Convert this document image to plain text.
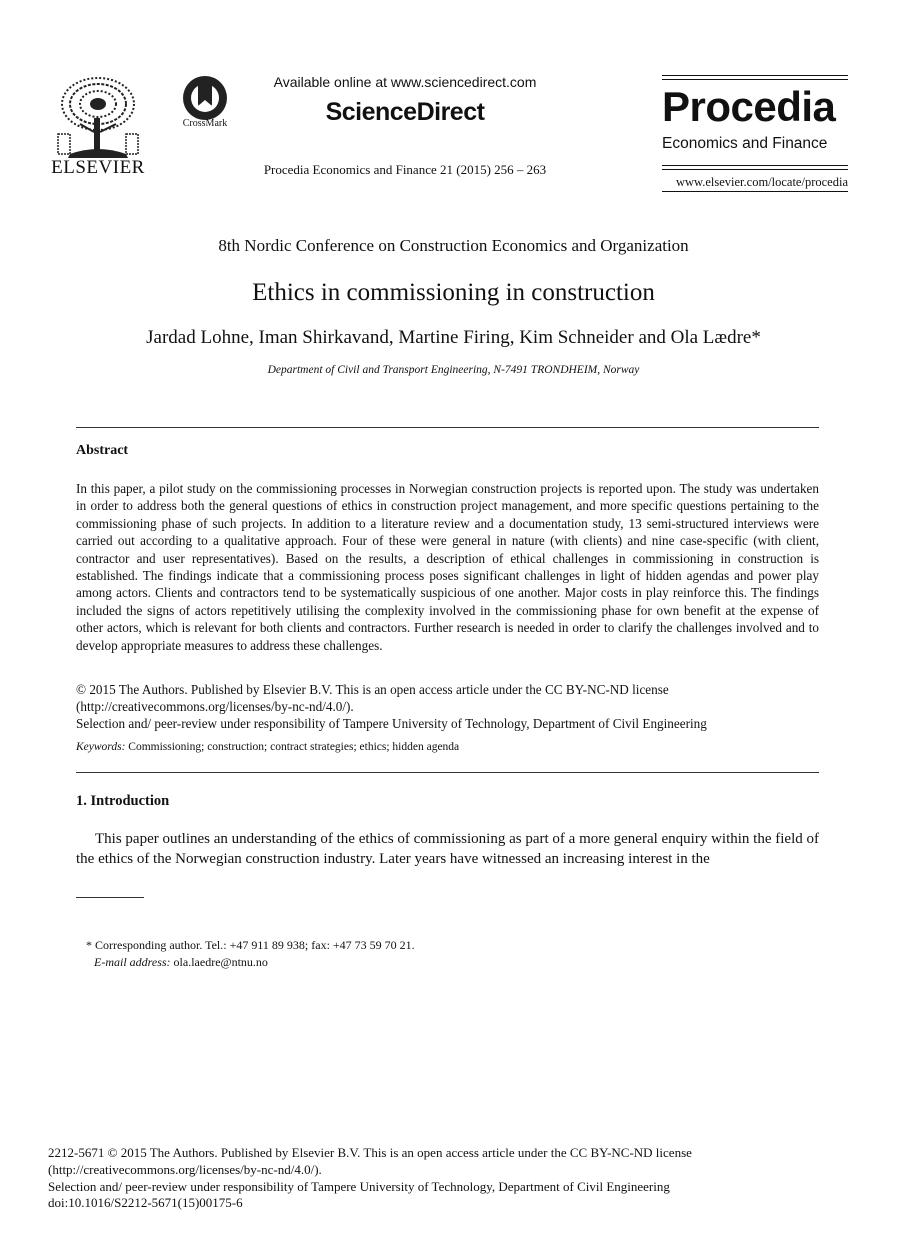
ELSEVIER
CrossMark
Available online at www.sciencedirect.com
ScienceDirect
Procedia Economics and Finance 21 (2015) 256 – 263
Procedia
Economics and Finance
www.elsevier.com/locate/procedia
8th Nordic Conference on Construction Economics and Organization
Ethics in commissioning in construction
Jardad Lohne, Iman Shirkavand, Martine Firing, Kim Schneider and Ola Lædre*
Department of Civil and Transport Engineering, N-7491 TRONDHEIM, Norway
Abstract
In this paper, a pilot study on the commissioning processes in Norwegian construction projects is reported upon. The study was undertaken in order to address both the general questions of ethics in construction project management, and more specific questions pertaining to the commissioning phase of such projects. In addition to a literature review and a documentation study, 13 semi-structured interviews were carried out according to a qualitative approach. Four of these were general in nature (with clients) and nine case-specific (with client, contractor and user representatives). Based on the results, a description of ethical challenges in commissioning in construction is established. The findings indicate that a commissioning process poses significant challenges in light of hidden agendas and power play among actors. Clients and contractors tend to be systematically suspicious of one another. Major costs in play reinforce this. The findings included the signs of actors repetitively utilising the complexity involved in the commissioning phase for own benefit at the expense of other actors, which is relevant for both clients and contractors. Further research is needed in order to clarify the challenges involved and to develop appropriate measures to address these challenges.
© 2015 The Authors. Published by Elsevier B.V. This is an open access article under the CC BY-NC-ND license
(http://creativecommons.org/licenses/by-nc-nd/4.0/).
Selection and/ peer-review under responsibility of Tampere University of Technology, Department of Civil Engineering
Keywords: Commissioning; construction; contract strategies; ethics; hidden agenda
1. Introduction
This paper outlines an understanding of the ethics of commissioning as part of a more general enquiry within the field of the ethics of the Norwegian construction industry. Later years have witnessed an increasing interest in the
* Corresponding author. Tel.: +47 911 89 938; fax: +47 73 59 70 21.
E-mail address: ola.laedre@ntnu.no
2212-5671 © 2015 The Authors. Published by Elsevier B.V. This is an open access article under the CC BY-NC-ND license
(http://creativecommons.org/licenses/by-nc-nd/4.0/).
Selection and/ peer-review under responsibility of Tampere University of Technology, Department of Civil Engineering
doi:10.1016/S2212-5671(15)00175-6
